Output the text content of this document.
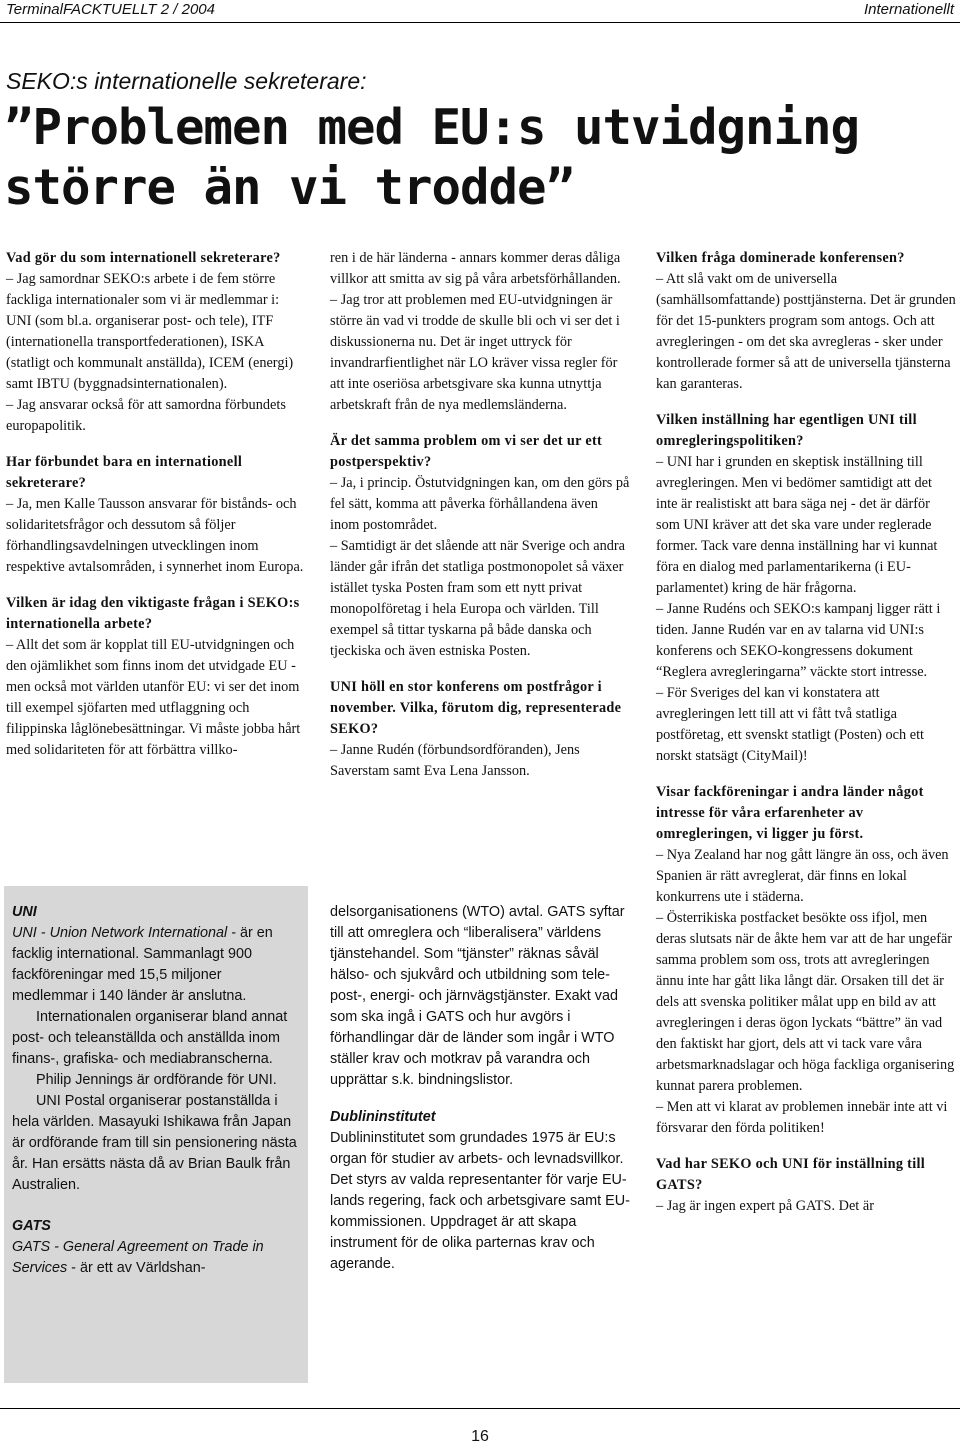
TerminalFACKTUELLT 2 / 2004	Internationellt
SEKO:s internationelle sekreterare:
”Problemen med EU:s utvidgning större än vi trodde”

Vad gör du som internationell sekreterare?

– Jag samordnar SEKO:s arbete i de fem större fackliga internationaler som vi är medlemmar i: UNI (som bl.a. organiserar post- och tele), ITF (internationella transportfederationen), ISKA (statligt och kommunalt anställda), ICEM (energi) samt IBTU (byggnadsinternationalen).

– Jag ansvarar också för att samordna förbundets europapolitik.

Har förbundet bara en internationell sekreterare?

– Ja, men Kalle Tausson ansvarar för bistånds- och solidaritetsfrågor och dessutom så följer förhandlingsavdelningen utvecklingen inom respektive avtalsområden, i synnerhet inom Europa.

Vilken är idag den viktigaste frågan i SEKO:s internationella arbete?

– Allt det som är kopplat till EU-utvidgningen och den ojämlikhet som finns inom det utvidgade EU - men också mot världen utanför EU: vi ser det inom till exempel sjöfarten med utflaggning och filippinska låglönebesättningar. Vi måste jobba hårt med solidariteten för att förbättra villko-

ren i de här länderna - annars kommer deras dåliga villkor att smitta av sig på våra arbetsförhållanden.

– Jag tror att problemen med EU-utvidgningen är större än vad vi trodde de skulle bli och vi ser det i diskussionerna nu. Det är inget uttryck för invandrarfientlighet när LO kräver vissa regler för att inte oseriösa arbetsgivare ska kunna utnyttja arbetskraft från de nya medlemsländerna.

Är det samma problem om vi ser det ur ett postperspektiv?

– Ja, i princip. Östutvidgningen kan, om den görs på fel sätt, komma att påverka förhållandena även inom postområdet.

– Samtidigt är det slående att när Sverige och andra länder går ifrån det statliga postmonopolet så växer istället tyska Posten fram som ett nytt privat monopolföretag i hela Europa och världen. Till exempel så tittar tyskarna på både danska och tjeckiska och även estniska Posten.

UNI höll en stor konferens om postfrågor i november. Vilka, förutom dig, representerade SEKO?

– Janne Rudén (förbundsordföranden), Jens Saverstam samt Eva Lena Jansson.

delsorganisationens (WTO) avtal. GATS syftar till att omreglera och “liberalisera” världens tjänstehandel. Som “tjänster” räknas såväl hälso- och sjukvård och utbildning som tele-post-, energi- och järnvägstjänster. Exakt vad som ska ingå i GATS och hur avgörs i förhandlingar där de länder som ingår i WTO ställer krav och motkrav på varandra och upprättar s.k. bindningslistor.

Dublininstitutet

Dublininstitutet som grundades 1975 är EU:s organ för studier av arbets- och levnadsvillkor. Det styrs av valda representanter för varje EU-lands regering, fack och arbetsgivare samt EU-kommissionen. Uppdraget är att skapa instrument för de olika parternas krav och agerande.

Vilken fråga dominerade konferensen?

– Att slå vakt om de universella (samhällsomfattande) posttjänsterna. Det är grunden för det 15-punkters program som antogs. Och att avregleringen - om det ska avregleras - sker under kontrollerade former så att de universella tjänsterna kan garanteras.

Vilken inställning har egentligen UNI till omregleringspolitiken?

– UNI har i grunden en skeptisk inställning till avregleringen. Men vi bedömer samtidigt att det inte är realistiskt att bara säga nej - det är därför som UNI kräver att det ska vare under reglerade former. Tack vare denna inställning har vi kunnat föra en dialog med parlamentarikerna (i EU-parlamentet) kring de här frågorna.

– Janne Rudéns och SEKO:s kampanj ligger rätt i tiden. Janne Rudén var en av talarna vid UNI:s konferens och SEKO-kongressens dokument “Reglera avregleringarna” väckte stort intresse.

– För Sveriges del kan vi konstatera att avregleringen lett till att vi fått två statliga postföretag, ett svenskt statligt (Posten) och ett norskt statsägt (CityMail)!

Visar fackföreningar i andra länder något intresse för våra erfarenheter av omregleringen, vi ligger ju först.

– Nya Zealand har nog gått längre än oss, och även Spanien är rätt avreglerat, där finns en lokal konkurrens ute i städerna.

– Österrikiska postfacket besökte oss ifjol, men deras slutsats när de åkte hem var att de har ungefär samma problem som oss, trots att avregleringen ännu inte har gått lika långt där. Orsaken till det är dels att svenska politiker målat upp en bild av att avregleringen i deras ögon lyckats “bättre” än vad den faktiskt har gjort, dels att vi tack vare våra arbetsmarknadslagar och höga fackliga organisering kunnat parera problemen.

– Men att vi klarat av problemen innebär inte att vi försvarar den förda politiken!

Vad har SEKO och UNI för inställning till GATS?

– Jag är ingen expert på GATS. Det är

UNI

UNI - Union Network International - är en facklig international. Sammanlagt 900 fackföreningar med 15,5 miljoner medlemmar i 140 länder är anslutna.

Internationalen organiserar bland annat post- och teleanställda och anställda inom finans-, grafiska- och mediabranscherna.

Philip Jennings är ordförande för UNI.

UNI Postal organiserar postanställda i hela världen. Masayuki Ishikawa från Japan är ordförande fram till sin pensionering nästa år. Han ersätts nästa då av Brian Baulk från Australien.

GATS

GATS - General Agreement on Trade in Services - är ett av Världshan-

16
